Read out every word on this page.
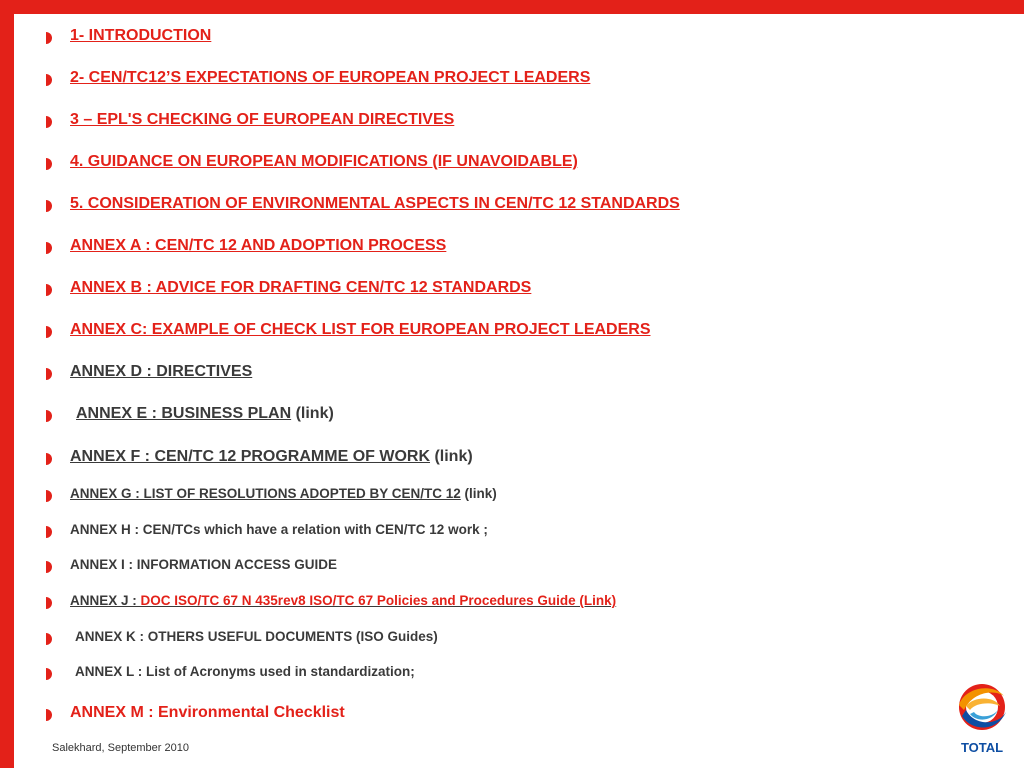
1- INTRODUCTION
2- CEN/TC12’S EXPECTATIONS OF EUROPEAN PROJECT LEADERS
3 – EPL'S CHECKING OF EUROPEAN DIRECTIVES
4. GUIDANCE ON EUROPEAN MODIFICATIONS (IF UNAVOIDABLE)
5. CONSIDERATION OF ENVIRONMENTAL ASPECTS IN CEN/TC 12 STANDARDS
ANNEX A : CEN/TC 12 AND ADOPTION PROCESS
ANNEX B : ADVICE FOR DRAFTING CEN/TC 12 STANDARDS
ANNEX C: EXAMPLE OF CHECK LIST FOR EUROPEAN PROJECT LEADERS
ANNEX D : DIRECTIVES
ANNEX E : BUSINESS PLAN (link)
ANNEX F : CEN/TC 12 PROGRAMME OF WORK (link)
ANNEX G : LIST OF RESOLUTIONS ADOPTED BY CEN/TC 12 (link)
ANNEX H : CEN/TCs which have a relation with CEN/TC 12 work ;
ANNEX I : INFORMATION ACCESS GUIDE
ANNEX J : DOC ISO/TC 67 N 435rev8 ISO/TC 67 Policies and Procedures Guide (Link)
ANNEX K : OTHERS USEFUL DOCUMENTS (ISO Guides)
ANNEX L : List of Acronyms used in standardization;
ANNEX M : Environmental Checklist
Salekhard, September 2010	TOTAL
